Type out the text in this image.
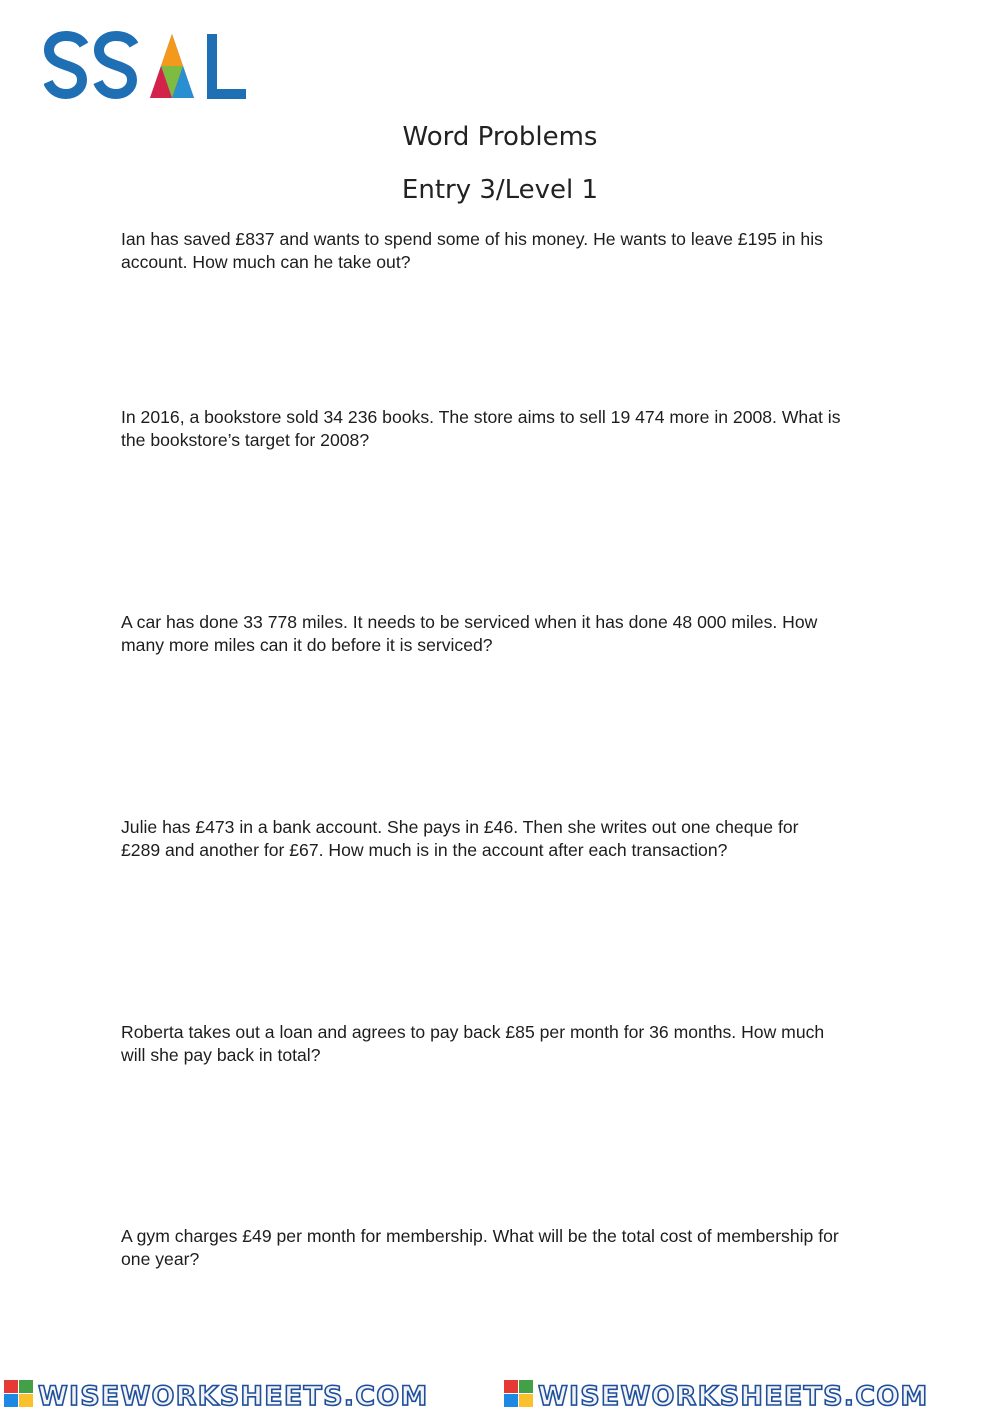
Word Problems
Entry 3/Level 1

Ian has saved £837 and wants to spend some of his money. He wants to leave £195 in his
account. How much can he take out?

In 2016, a bookstore sold 34 236 books. The store aims to sell 19 474 more in 2008. What is
the bookstore’s target for 2008?

A car has done 33 778 miles. It needs to be serviced when it has done 48 000 miles. How
many more miles can it do before it is serviced?

Julie has £473 in a bank account. She pays in £46. Then she writes out one cheque for
£289 and another for £67. How much is in the account after each transaction?

Roberta takes out a loan and agrees to pay back £85 per month for 36 months. How much
will she pay back in total?

A gym charges £49 per month for membership. What will be the total cost of membership for
one year?

WISEWORKSHEETS.COM	WISEWORKSHEETS.COM
